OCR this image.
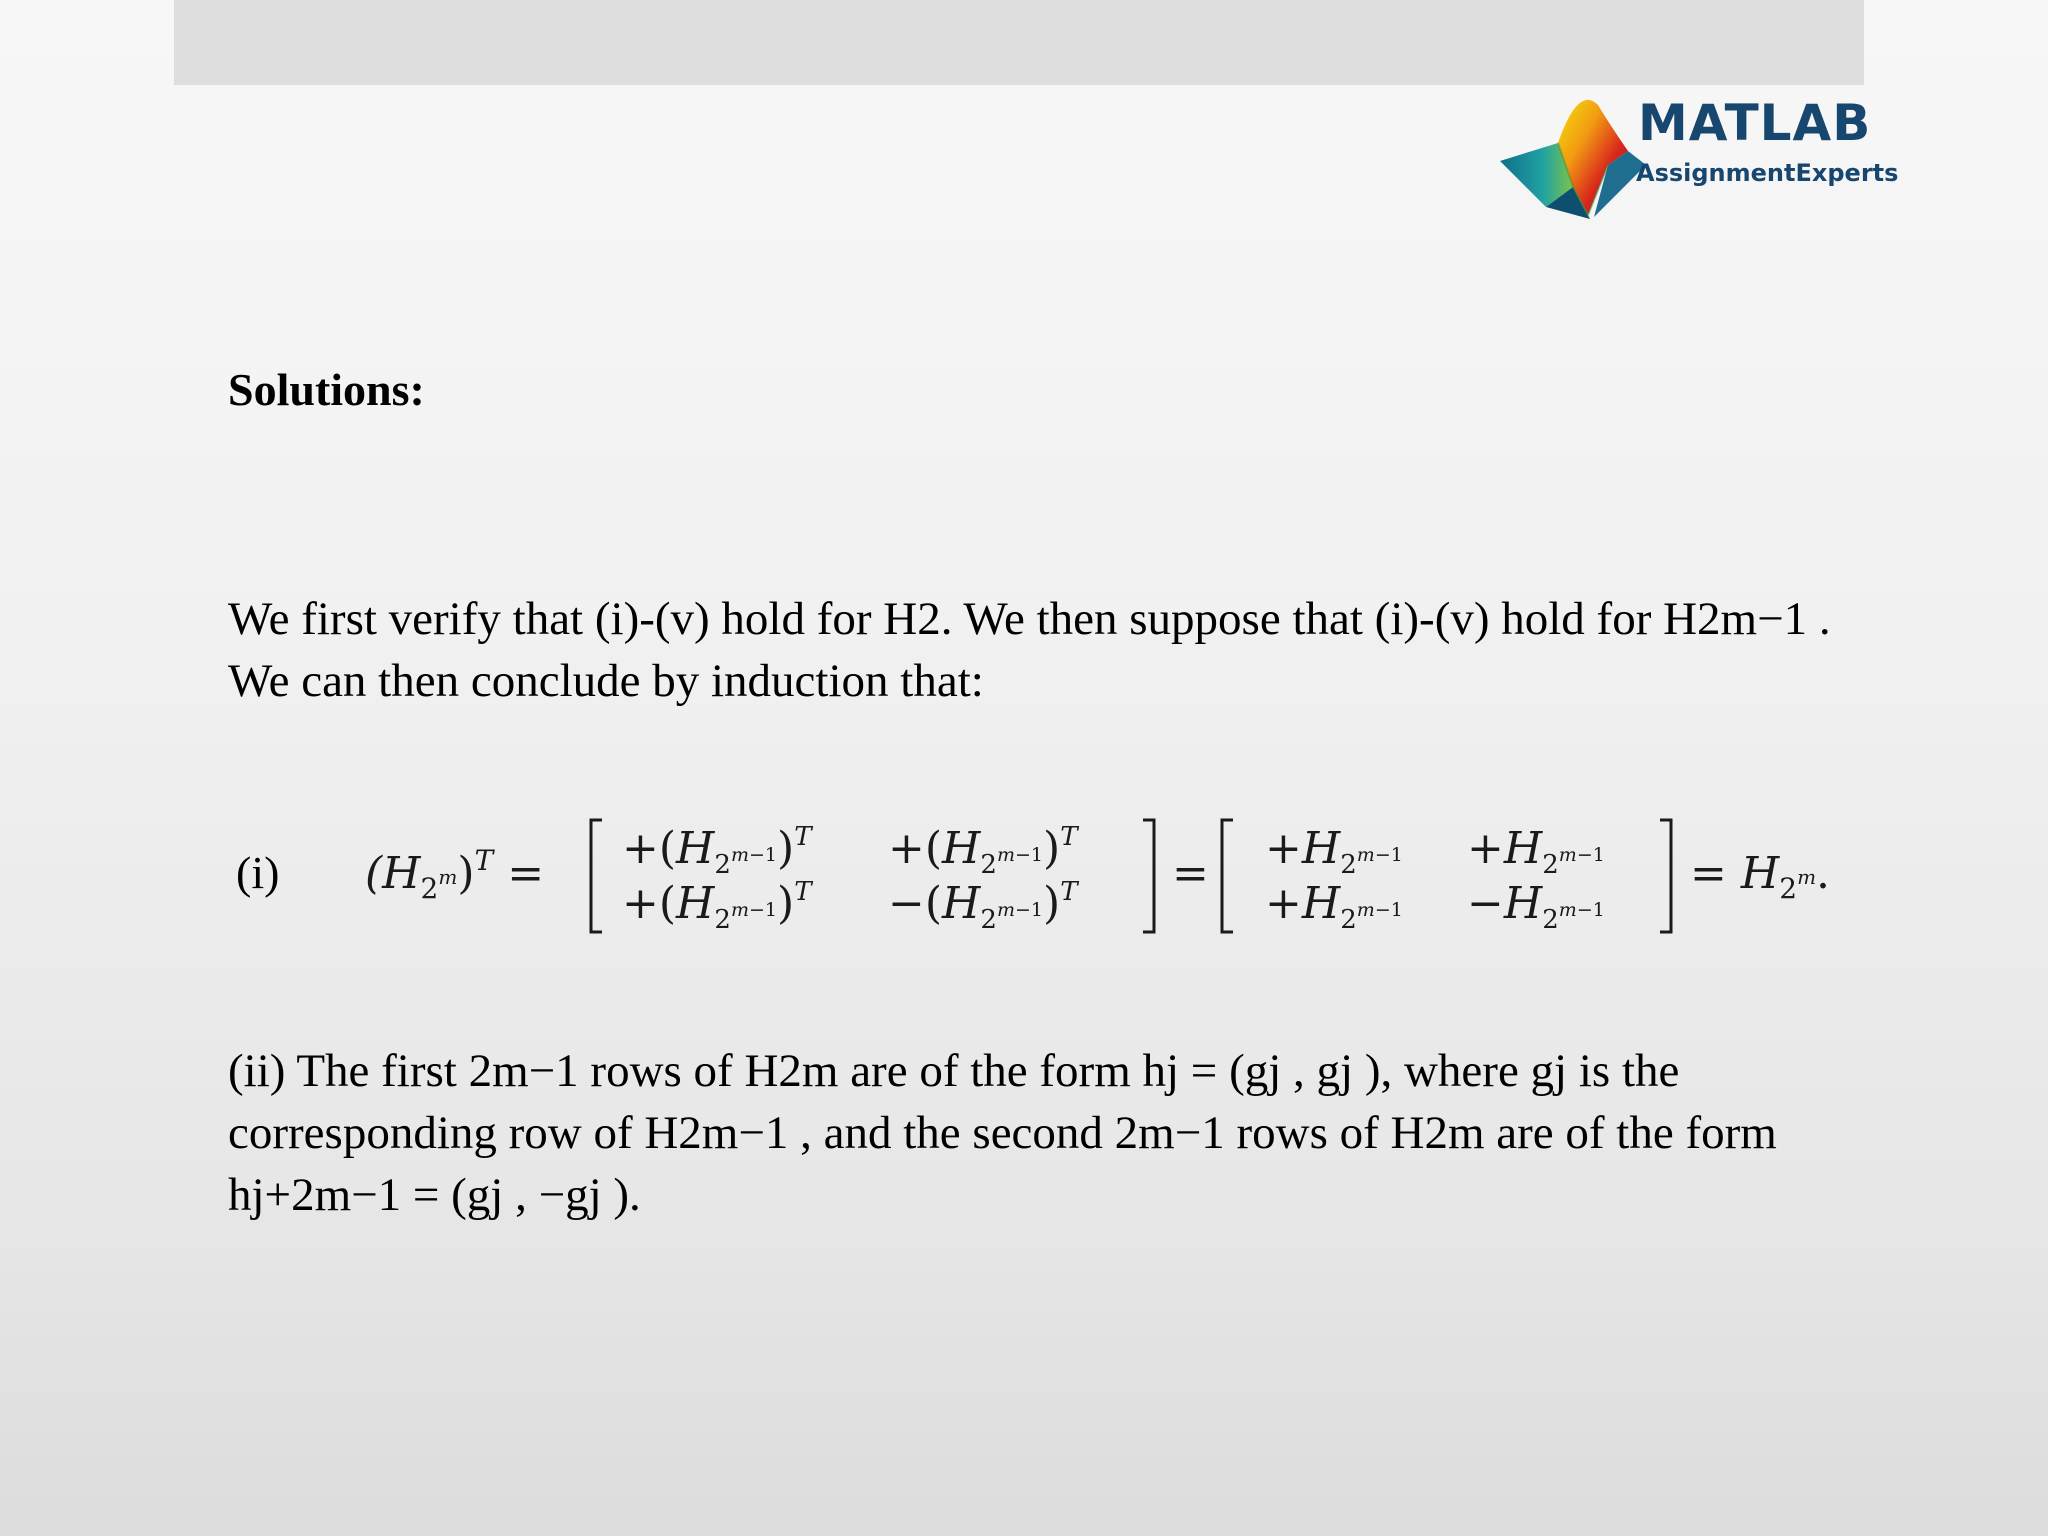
MATLAB
AssignmentExperts
Solutions:

We first verify that (i)-(v) hold for H2. We then suppose that (i)-(v) hold for H2m−1 . We can then conclude by induction that:

(i) $(H_2^m)^T = +(H_2^m-1)^T +(H_2^m-1)^T$
$+(H_2^m-1)^T -(H_2^m-1)^T = +H_2^m-1 +H_2^m-1$
$+H_2^m-1 -H_2^m-1$
= $H_2^m$.

(ii) The first 2m−1 rows of H2m are of the form hj = (gj , gj ), where gj is the corresponding row of H2m−1 , and the second 2m−1 rows of H2m are of the form hj+2m−1 = (gj , −gj ).
